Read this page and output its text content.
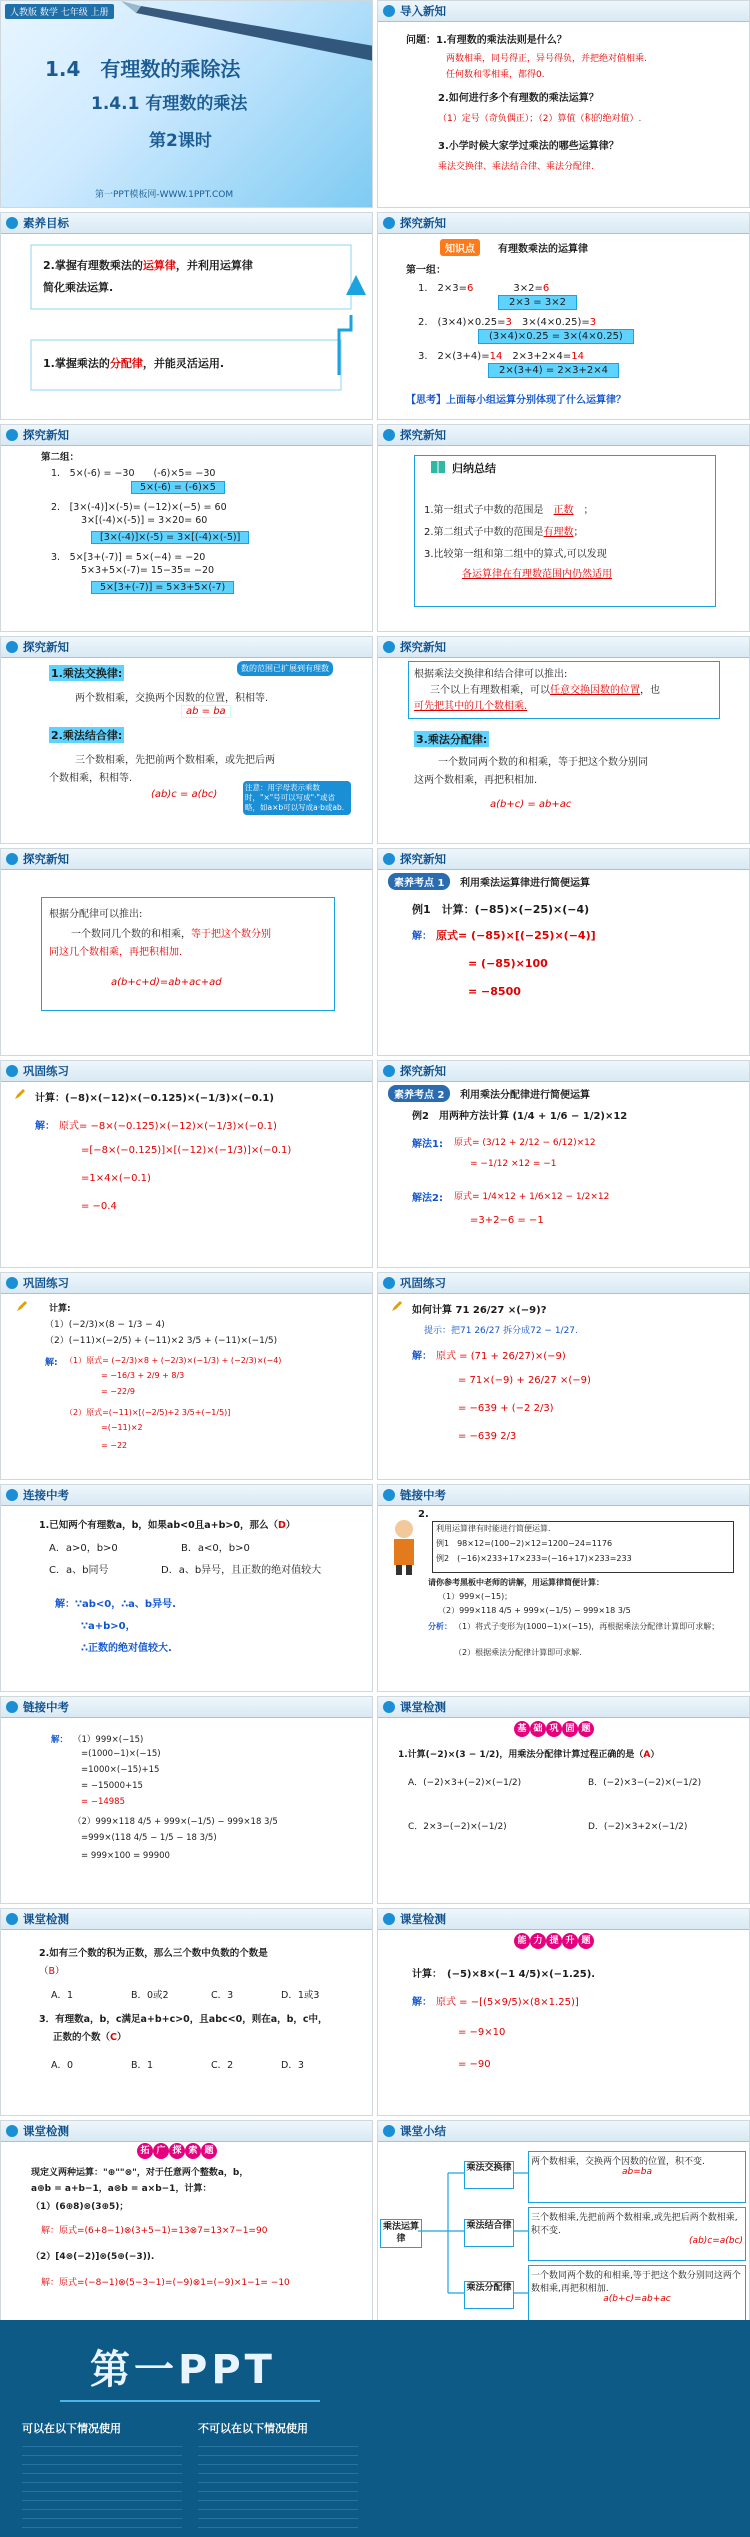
人教版 数学 七年级 上册
1.4　有理数的乘除法
1.4.1 有理数的乘法
第2课时
第一PPT模板网-WWW.1PPT.COM
导入新知
问题：1.有理数的乘法法则是什么？
两数相乘，同号得正，异号得负，并把绝对值相乘.
任何数和零相乘，都得0.
2.如何进行多个有理数的乘法运算？
（1）定号（奇负偶正）；（2）算值（积的绝对值）.
3.小学时候大家学过乘法的哪些运算律？
乘法交换律、乘法结合律、乘法分配律.
素养目标
2.掌握有理数乘法的运算律，并利用运算律
简化乘法运算.
1.掌握乘法的分配律，并能灵活运用.
探究新知
知识点	有理数乘法的运算律
第一组：
1.　2×3=6　　　　	3×2=6
2×3 = 3×2
2.　(3×4)×0.25=3　 3×(4×0.25)=3
(3×4)×0.25 = 3×(4×0.25)
3.　2×(3+4)=14　 2×3+2×4=14
2×(3+4) = 2×3+2×4
【思考】上面每小组运算分别体现了什么运算律？
探究新知
第二组：
1.　5×(-6) = −30　　(-6)×5= −30
5×(-6) = (-6)×5
2.　[3×(-4)]×(-5)= (−12)×(−5) = 60
3×[(-4)×(-5)] = 3×20= 60
[3×(-4)]×(-5) = 3×[(-4)×(-5)]
3.　5×[3+(-7)] = 5×(−4) = −20
5×3+5×(-7)= 15−35= −20
5×[3+(-7)] = 5×3+5×(-7)
探究新知
归纳总结
1.第一组式子中数的范围是　 正数　；
2.第二组式子中数的范围是有理数；
3.比较第一组和第二组中的算式,可以发现
各运算律在有理数范围内仍然适用
探究新知
1.乘法交换律:	数的范围已扩展到有理数
两个数相乘，交换两个因数的位置，积相等.
ab = ba
2.乘法结合律:
三个数相乘，先把前两个数相乘，或先把后两
个数相乘，积相等.
(ab)c = a(bc)
注意：用字母表示乘数时，"×"号可以写成"·"或省略，如a×b可以写成a·b或ab.
探究新知
根据乘法交换律和结合律可以推出:
三个以上有理数相乘，可以任意交换因数的位置，也
可先把其中的几个数相乘.
3.乘法分配律:
一个数同两个数的和相乘，等于把这个数分别同
这两个数相乘，再把积相加.
a(b+c) = ab+ac
探究新知
根据分配律可以推出:
一个数同几个数的和相乘，等于把这个数分别
同这几个数相乘，再把积相加.
a(b+c+d)=ab+ac+ad
探究新知
素养考点 1	利用乘法运算律进行简便运算
例1　计算：(−85)×(−25)×(−4)
解： 原式= (−85)×[(−25)×(−4)]
= (−85)×100
= −8500
巩固练习
计算：(−8)×(−12)×(−0.125)×(−1/3)×(−0.1)
解： 原式= −8×(−0.125)×(−12)×(−1/3)×(−0.1)
=[−8×(−0.125)]×[(−12)×(−1/3)]×(−0.1)
=1×4×(−0.1)
= −0.4
探究新知
素养考点 2	利用乘法分配律进行简便运算
例2　用两种方法计算 (1/4 + 1/6 − 1/2)×12
解法1: 原式= (3/12 + 2/12 − 6/12)×12
= −1/12 ×12 = −1
解法2: 原式= 1/4×12 + 1/6×12 − 1/2×12
=3+2−6 = −1
巩固练习
计算:
（1）(−2/3)×(8 − 1/3 − 4)
（2）(−11)×(−2/5) + (−11)×2 3/5 + (−11)×(−1/5)
解: （1）原式= (−2/3)×8 + (−2/3)×(−1/3) + (−2/3)×(−4)
= −16/3 + 2/9 + 8/3
= −22/9
（2）原式=(−11)×[(−2/5)+2 3/5+(−1/5)]
=(−11)×2
= −22
巩固练习
如何计算 71 26/27 ×(−9)?
提示：把71 26/27 拆分成72 − 1/27.
解： 原式 = (71 + 26/27)×(−9)
= 71×(−9) + 26/27 ×(−9)
= −639 + (−2 2/3)
= −639 2/3
连接中考
1.已知两个有理数a，b，如果ab<0且a+b>0，那么（D）
A．a>0，b>0	B．a<0，b>0
C．a、b同号	D．a、b异号，且正数的绝对值较大
解：∵ab<0，∴a、b异号.
∵a+b>0，
∴正数的绝对值较大.
链接中考
2.
利用运算律有时能进行简便运算.
例1　98×12=(100−2)×12=1200−24=1176
例2　(−16)×233+17×233=(−16+17)×233=233
请你参考黑板中老师的讲解，用运算律简便计算：
（1）999×(−15)；
（2）999×118 4/5 + 999×(−1/5) − 999×18 3/5
分析： （1）将式子变形为(1000−1)×(−15)，再根据乘法分配律计算即可求解；
（2）根据乘法分配律计算即可求解.
链接中考
解： （1）999×(−15)
=(1000−1)×(−15)
=1000×(−15)+15
= −15000+15
= −14985
（2）999×118 4/5 + 999×(−1/5) − 999×18 3/5
=999×(118 4/5 − 1/5 − 18 3/5)
= 999×100 = 99900
课堂检测
基 础 巩 固 题
1.计算(−2)×(3 − 1/2)，用乘法分配律计算过程正确的是（A）
A．(−2)×3+(−2)×(−1/2)	B．(−2)×3−(−2)×(−1/2)
C．2×3−(−2)×(−1/2)	D．(−2)×3+2×(−1/2)
课堂检测
2.如有三个数的积为正数，那么三个数中负数的个数是
（B）
A．1	B．0或2	C．3	D．1或3
3．有理数a，b，c满足a+b+c>0，且abc<0，则在a，b，c中，
正数的个数（C）
A．0	B．1	C．2	D．3
课堂检测
能 力 提 升 题
计算：　(−5)×8×(−1 4/5)×(−1.25).
解： 原式 = −[(5×9/5)×(8×1.25)]
= −9×10
= −90
课堂检测
拓 广 探 索 题
现定义两种运算："⊕""⊗"，对于任意两个整数a，b，
a⊕b = a+b−1，a⊗b = a×b−1，计算：
（1）(6⊕8)⊗(3⊕5)；
解：原式=(6+8−1)⊗(3+5−1)=13⊗7=13×7−1=90
（2）[4⊗(−2)]⊗(5⊕(−3)).
解：原式=(−8−1)⊗(5−3−1)=(−9)⊗1=(−9)×1−1= −10
课堂小结
乘法运算律
乘法交换律
乘法结合律
乘法分配律
两个数相乘，交换两个因数的位置，积不变.
ab=ba
三个数相乘,先把前两个数相乘,或先把后两个数相乘,积不变.
(ab)c=a(bc)
一个数同两个数的和相乘,等于把这个数分别同这两个数相乘,再把积相加.
a(b+c)=ab+ac
第一PPT
可以在以下情况使用	不可以在以下情况使用
